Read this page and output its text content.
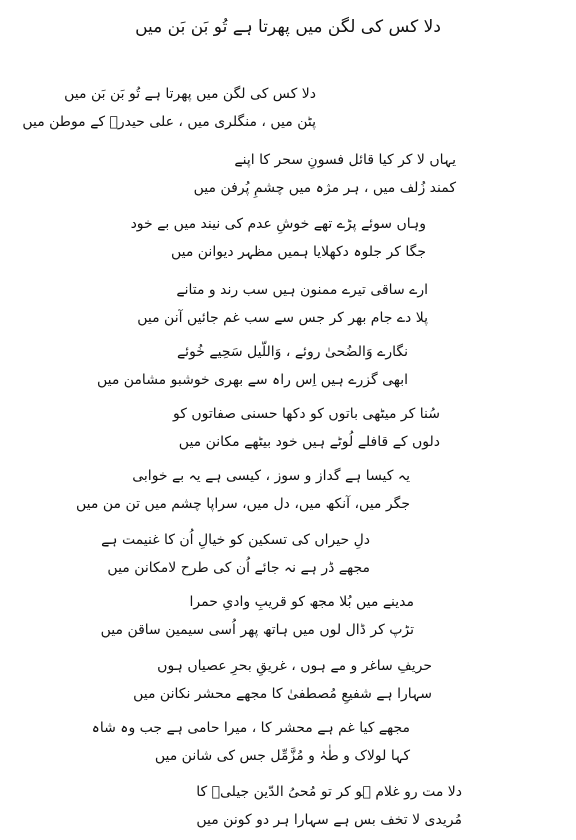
دلا کس کی لگن میں پھرتا ہے تُو بَن بَن میں
دلا کس کی لگن میں پھرتا ہے تُو بَن بَن میں
پٹن میں ، منگلری میں ، علی حیدرؒ کے موطن میں
یہاں لا کر کیا قائل فسونِ سحر کا اپنے
کمند زُلف میں ، ہر مژہ میں چشمِ پُرفن میں
وہاں سوئے پڑے تھے خوشِ عدم کی نیند میں بے خود
جگا کر جلوہ دکھلایا ہمیں مظہر دیوانن میں
ارے ساقی تیرے ممنون ہیں سب رند و متانے
پلا دے جام بھر کر جس سے سب غم جائیں آنن میں
نگارے وَالضُحیٰ روئے ، وَاللّیل سَحِیے خُوئے
ابھی گزرے ہیں اِس راہ سے بھری خوشبو مشامن میں
سُنا کر میٹھی باتوں کو دکھا حسنی صفاتوں کو
دلوں کے قافلے لُوٹے ہیں خود بیٹھے مکانن میں
یہ کیسا ہے گداز و سوز ، کیسی ہے یہ بے خوابی
جگر میں، آنکھ میں، دل میں، سراپا چشم میں تن من میں
دلِ حیراں کی تسکین کو خیالِ اُن کا غنیمت ہے
مجھے ڈر ہے نہ جائے اُن کی طرح لامکانن میں
مدینے میں بُلا مجھ کو قریبِ وادیِ حمرا
تڑپ کر ڈال لوں میں ہاتھ پھر اُسی سیمین ساقن میں
حریفِ ساغر و مے ہوں ، غریقِ بحرِ عصیاں ہوں
سہارا ہے شفیعِ مُصطفیٰ کا مجھے محشر نکانن میں
مجھے کیا غم ہے محشر کا ، میرا حامی ہے جب وہ شاہ
کہا لولاک و طٰہٰ و مُزَّمِّل جس کی شانن میں
دلا مت رو غلام ہو کر تو مُحیُ الدّین جیلیؒ کا
مُریدی لا تخف بس ہے سہارا ہر دو کونن میں
